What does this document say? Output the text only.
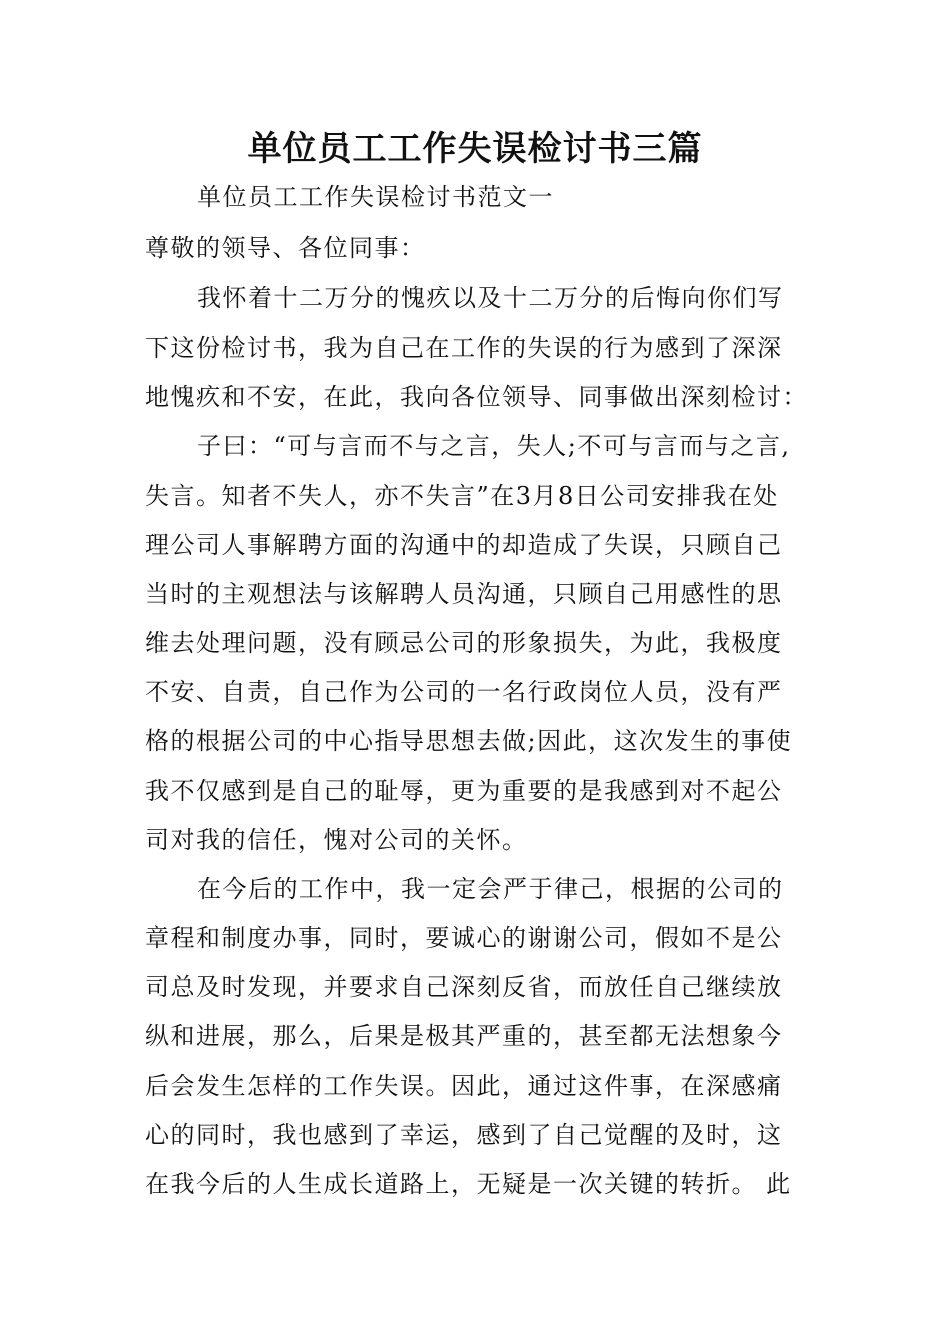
单位员工工作失误检讨书三篇

单位员工工作失误检讨书范文一

尊敬的领导、各位同事：

我怀着十二万分的愧疚以及十二万分的后悔向你们写

下这份检讨书，我为自己在工作的失误的行为感到了深深

地愧疚和不安，在此，我向各位领导、同事做出深刻检讨：

子曰：“可与言而不与之言，失人;不可与言而与之言,

失言。知者不失人，亦不失言”在3月8日公司安排我在处

理公司人事解聘方面的沟通中的却造成了失误，只顾自己

当时的主观想法与该解聘人员沟通，只顾自己用感性的思

维去处理问题，没有顾忌公司的形象损失，为此，我极度

不安、自责，自己作为公司的一名行政岗位人员，没有严

格的根据公司的中心指导思想去做;因此，这次发生的事使

我不仅感到是自己的耻辱，更为重要的是我感到对不起公

司对我的信任，愧对公司的关怀。

在今后的工作中，我一定会严于律己，根据的公司的

章程和制度办事，同时，要诚心的谢谢公司，假如不是公

司总及时发现，并要求自己深刻反省，而放任自己继续放

纵和进展，那么，后果是极其严重的，甚至都无法想象今

后会发生怎样的工作失误。因此，通过这件事，在深感痛

心的同时，我也感到了幸运，感到了自己觉醒的及时，这

在我今后的人生成长道路上，无疑是一次关键的转折。 此
